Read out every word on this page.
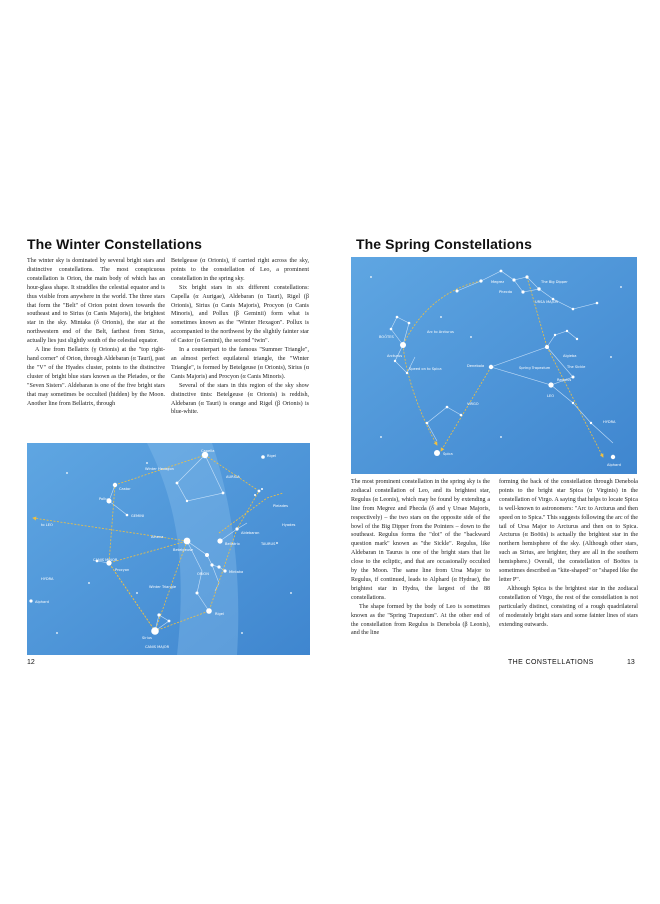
The Winter Constellations

The winter sky is dominated by several bright stars and distinctive constellations. The most conspicuous constellation is Orion, the main body of which has an hour-glass shape. It straddles the celestial equator and is thus visible from anywhere in the world. The three stars that form the "Belt" of Orion point down towards the southeast and to Sirius (α Canis Majoris), the brightest star in the sky. Mintaka (δ Orionis), the star at the northwestern end of the Belt, farthest from Sirius, actually lies just slightly south of the celestial equator.

A line from Bellatrix (γ Orionis) at the "top right-hand corner" of Orion, through Aldebaran (α Tauri), past the "V" of the Hyades cluster, points to the distinctive cluster of bright blue stars known as the Pleiades, or the "Seven Sisters". Aldebaran is one of the five bright stars that may sometimes be occulted (hidden) by the Moon. Another line from Bellatrix, through

Betelgeuse (α Orionis), if carried right across the sky, points to the constellation of Leo, a prominent constellation in the spring sky.

Six bright stars in six different constellations: Capella (α Aurigae), Aldebaran (α Tauri), Rigel (β Orionis), Sirius (α Canis Majoris), Procyon (α Canis Minoris), and Pollux (β Geminii) form what is sometimes known as the "Winter Hexagon". Pollux is accompanied to the northwest by the slightly fainter star of Castor (α Gemini), the second "twin".

In a counterpart to the famous "Summer Triangle", an almost perfect equilateral triangle, the "Winter Triangle", is formed by Betelgeuse (α Orionis), Sirius (α Canis Majoris) and Procyon (α Canis Minoris).

Several of the stars in this region of the sky show distinctive tints: Betelgeuse (α Orionis) is reddish, Aldebaran (α Tauri) is orange and Rigel (β Orionis) is blue-white.

Capella
Rigel
Winter Hexagon
AURIGA
Castor
Pollux
GEMINI
Pleiades
to LEO	Hyades
Aldebaran
Alhena
TAURUS
Betelgeuse
Bellatrix
CANIS MINOR
Procyon
ORION	Mintaka
HYDRA
Winter Triangle
Rigel
Alphard
Sirius
CANIS MAJOR
12
The Spring Constellations
Megrez	The Big Dipper
Phecda
URSA MAJOR
Arc to Arcturus
BOÖTES
Arcturus
Spring Trapezium
Algieba
Denebola	The Sickle
Speed on to Spica
Regulus
LEO
VIRGO
HYDRA
Spica
Alphard

The most prominent constellation in the spring sky is the zodiacal constellation of Leo, and its brightest star, Regulus (α Leonis), which may be found by extending a line from Megrez and Phecda (δ and γ Ursae Majoris, respectively) – the two stars on the opposite side of the bowl of the Big Dipper from the Pointers – down to the southeast. Regulus forms the "dot" of the "backward question mark" known as "the Sickle". Regulus, like Aldebaran in Taurus is one of the bright stars that lie close to the ecliptic, and that are occasionally occulted by the Moon. The same line from Ursa Major to Regulus, if continued, leads to Alphard (α Hydrae), the brightest star in Hydra, the largest of the 88 constellations.

The shape formed by the body of Leo is sometimes known as the "Spring Trapezium". At the other end of the constellation from Regulus is Denebola (β Leonis), and the line

forming the back of the constellation through Denebola points to the bright star Spica (α Virginis) in the constellation of Virgo. A saying that helps to locate Spica is well-known to astronomers: "Arc to Arcturus and then speed on to Spica." This suggests following the arc of the tail of Ursa Major to Arcturus and then on to Spica. Arcturus (α Boötis) is actually the brightest star in the northern hemisphere of the sky. (Although other stars, such as Sirius, are brighter, they are all in the southern hemisphere.) Overall, the constellation of Boötes is sometimes described as "kite-shaped" or "shaped like the letter P".

Although Spica is the brightest star in the zodiacal constellation of Virgo, the rest of the constellation is not particularly distinct, consisting of a rough quadrilateral of moderately bright stars and some fainter lines of stars extending outwards.

THE CONSTELLATIONS	13
